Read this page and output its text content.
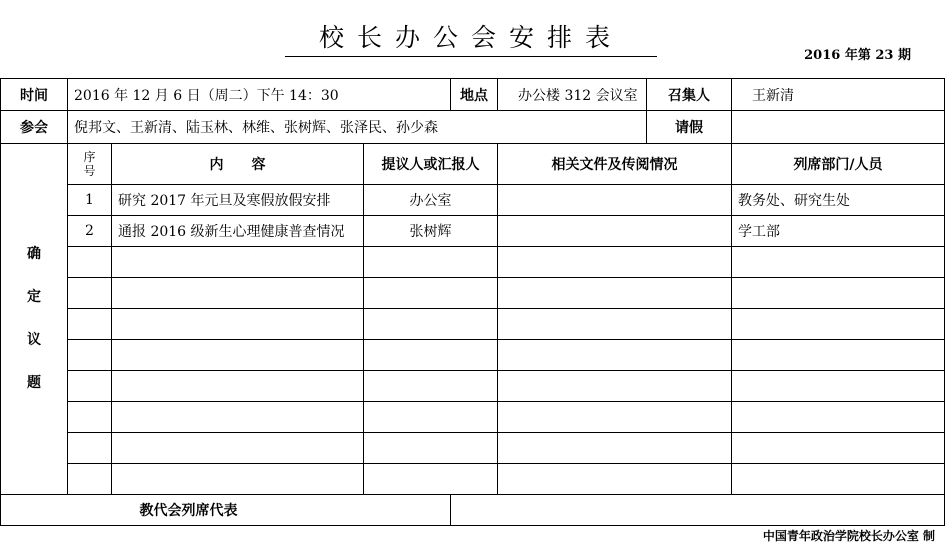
校长办公会安排表
2016 年第 23 期
时间	2016 年 12 月 6 日（周二）下午 14：30			地点	办公楼 312 会议室	召集人	王新清
参会	倪邦文、王新清、陆玉林、林维、张树辉、张泽民、孙少森					请假	

确
定
议
题	序号	内　　容	提议人或汇报人		相关文件及传阅情况		列席部门/人员
	1	研究 2017 年元旦及寒假放假安排	办公室				教务处、研究生处
	2	通报 2016 级新生心理健康普查情况	张树辉				学工部

教代会列席代表							
中国青年政治学院校长办公室 制
